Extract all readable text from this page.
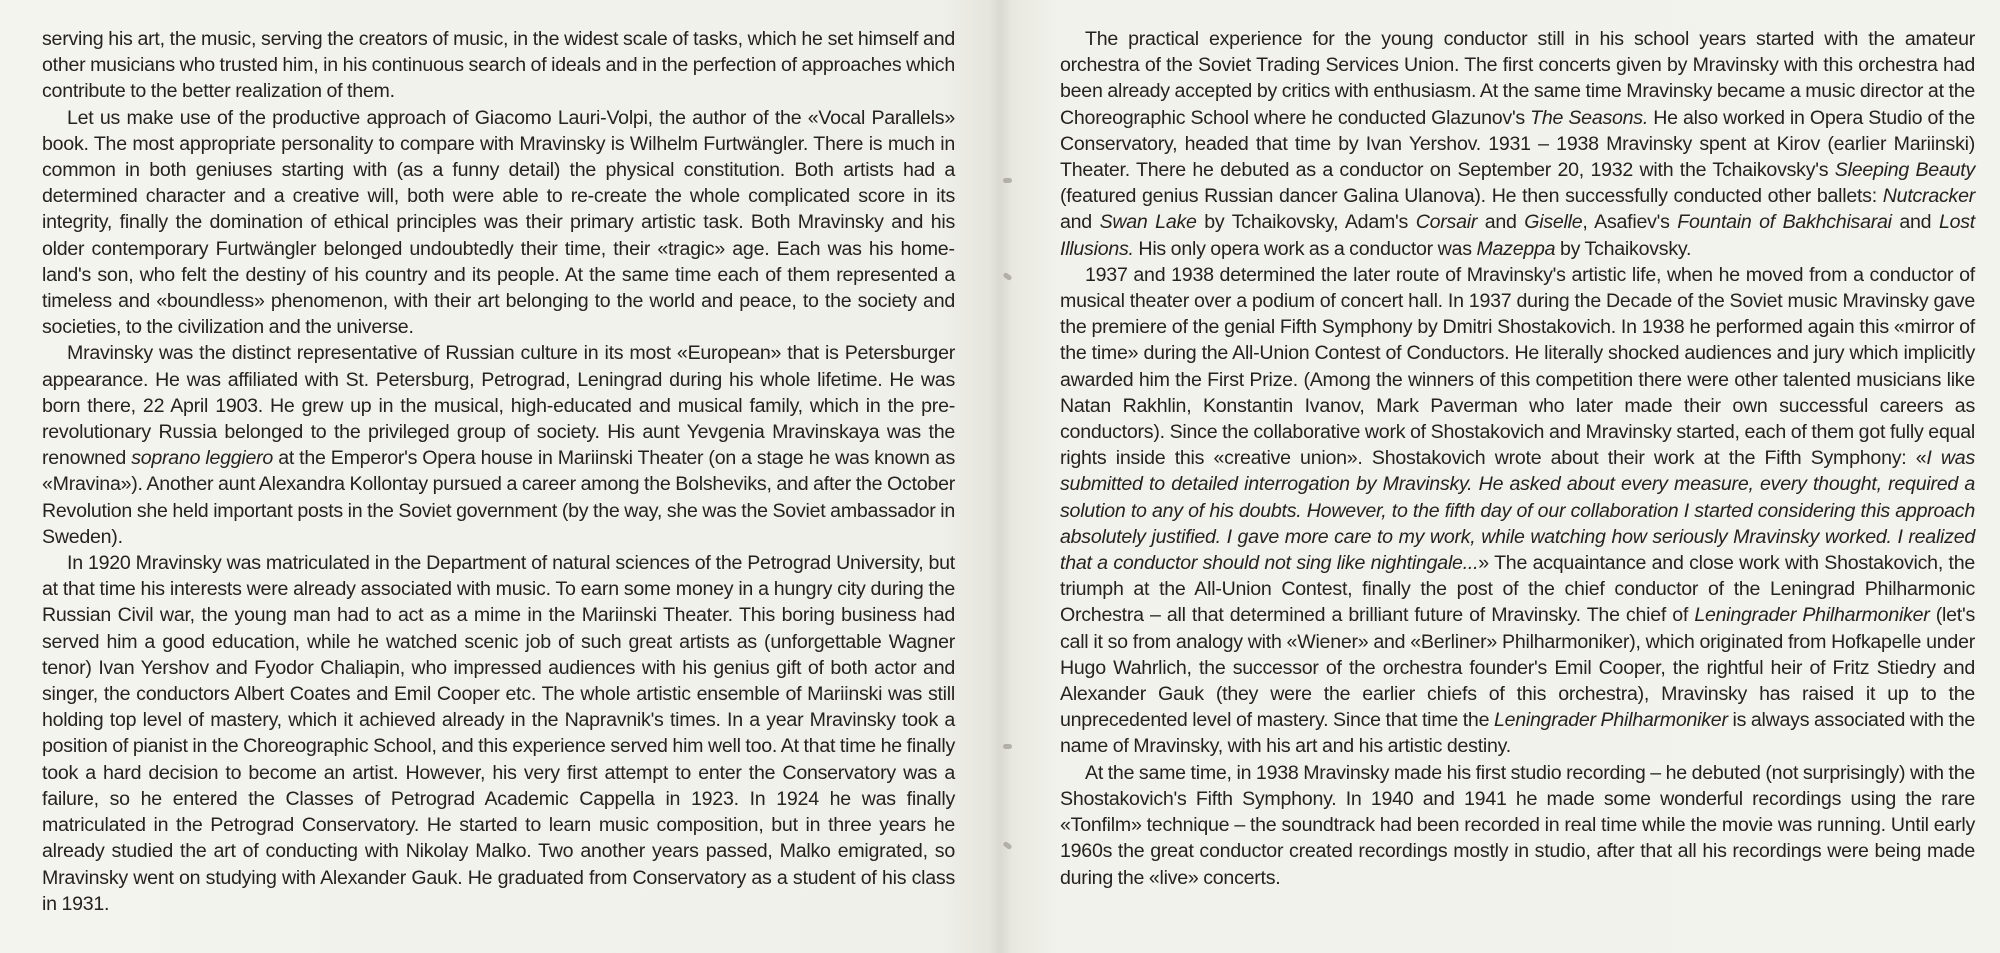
serving his art, the music, serving the creators of music, in the widest scale of tasks, which he set himself and other musicians who trusted him, in his continuous search of ideals and in the perfection of approaches which contribute to the better realization of them.

Let us make use of the productive approach of Giacomo Lauri-Volpi, the author of the «Vocal Parallels» book. The most appropriate personality to compare with Mravinsky is Wilhelm Furtwängler. There is much in common in both geniuses starting with (as a funny detail) the physical constitution. Both artists had a determined character and a creative will, both were able to re-create the whole complicated score in its integrity, finally the domination of ethical principles was their primary artistic task. Both Mravinsky and his older contemporary Furtwängler belonged undoubtedly their time, their «tragic» age. Each was his homeland's son, who felt the destiny of his country and its people. At the same time each of them represented a timeless and «boundless» phenomenon, with their art belonging to the world and peace, to the society and societies, to the civilization and the universe.

Mravinsky was the distinct representative of Russian culture in its most «European» that is Petersburger appearance. He was affiliated with St. Petersburg, Petrograd, Leningrad during his whole lifetime. He was born there, 22 April 1903. He grew up in the musical, high-educated and musical family, which in the pre-revolutionary Russia belonged to the privileged group of society. His aunt Yevgenia Mravinskaya was the renowned soprano leggiero at the Emperor's Opera house in Mariinski Theater (on a stage he was known as «Mravina»). Another aunt Alexandra Kollontay pursued a career among the Bolsheviks, and after the October Revolution she held important posts in the Soviet government (by the way, she was the Soviet ambassador in Sweden).

In 1920 Mravinsky was matriculated in the Department of natural sciences of the Petrograd University, but at that time his interests were already associated with music. To earn some money in a hungry city during the Russian Civil war, the young man had to act as a mime in the Mariinski Theater. This boring business had served him a good education, while he watched scenic job of such great artists as (unforgettable Wagner tenor) Ivan Yershov and Fyodor Chaliapin, who impressed audiences with his genius gift of both actor and singer, the conductors Albert Coates and Emil Cooper etc. The whole artistic ensemble of Mariinski was still holding top level of mastery, which it achieved already in the Napravnik's times. In a year Mravinsky took a position of pianist in the Choreographic School, and this experience served him well too. At that time he finally took a hard decision to become an artist. However, his very first attempt to enter the Conservatory was a failure, so he entered the Classes of Petrograd Academic Cappella in 1923. In 1924 he was finally matriculated in the Petrograd Conservatory. He started to learn music composition, but in three years he already studied the art of conducting with Nikolay Malko. Two another years passed, Malko emigrated, so Mravinsky went on studying with Alexander Gauk. He graduated from Conservatory as a student of his class in 1931.

The practical experience for the young conductor still in his school years started with the amateur orchestra of the Soviet Trading Services Union. The first concerts given by Mravinsky with this orchestra had been already accepted by critics with enthusiasm. At the same time Mravinsky became a music director at the Choreographic School where he conducted Glazunov's The Seasons. He also worked in Opera Studio of the Conservatory, headed that time by Ivan Yershov. 1931 – 1938 Mravinsky spent at Kirov (earlier Mariinski) Theater. There he debuted as a conductor on September 20, 1932 with the Tchaikovsky's Sleeping Beauty (featured genius Russian dancer Galina Ulanova). He then successfully conducted other ballets: Nutcracker and Swan Lake by Tchaikovsky, Adam's Corsair and Giselle, Asafiev's Fountain of Bakhchisarai and Lost Illusions. His only opera work as a conductor was Mazeppa by Tchaikovsky.

1937 and 1938 determined the later route of Mravinsky's artistic life, when he moved from a conductor of musical theater over a podium of concert hall. In 1937 during the Decade of the Soviet music Mravinsky gave the premiere of the genial Fifth Symphony by Dmitri Shostakovich. In 1938 he performed again this «mirror of the time» during the All-Union Contest of Conductors. He literally shocked audiences and jury which implicitly awarded him the First Prize. (Among the winners of this competition there were other talented musicians like Natan Rakhlin, Konstantin Ivanov, Mark Paverman who later made their own successful careers as conductors). Since the collaborative work of Shostakovich and Mravinsky started, each of them got fully equal rights inside this «creative union». Shostakovich wrote about their work at the Fifth Symphony: «I was submitted to detailed interrogation by Mravinsky. He asked about every measure, every thought, required a solution to any of his doubts. However, to the fifth day of our collaboration I started considering this approach absolutely justified. I gave more care to my work, while watching how seriously Mravinsky worked. I realized that a conductor should not sing like nightingale...» The acquaintance and close work with Shostakovich, the triumph at the All-Union Contest, finally the post of the chief conductor of the Leningrad Philharmonic Orchestra – all that determined a brilliant future of Mravinsky. The chief of Leningrader Philharmoniker (let's call it so from analogy with «Wiener» and «Berliner» Philharmoniker), which originated from Hofkapelle under Hugo Wahrlich, the successor of the orchestra founder's Emil Cooper, the rightful heir of Fritz Stiedry and Alexander Gauk (they were the earlier chiefs of this orchestra), Mravinsky has raised it up to the unprecedented level of mastery. Since that time the Leningrader Philharmoniker is always associated with the name of Mravinsky, with his art and his artistic destiny.

At the same time, in 1938 Mravinsky made his first studio recording – he debuted (not surprisingly) with the Shostakovich's Fifth Symphony. In 1940 and 1941 he made some wonderful recordings using the rare «Tonfilm» technique – the soundtrack had been recorded in real time while the movie was running. Until early 1960s the great conductor created recordings mostly in studio, after that all his recordings were being made during the «live» concerts.
